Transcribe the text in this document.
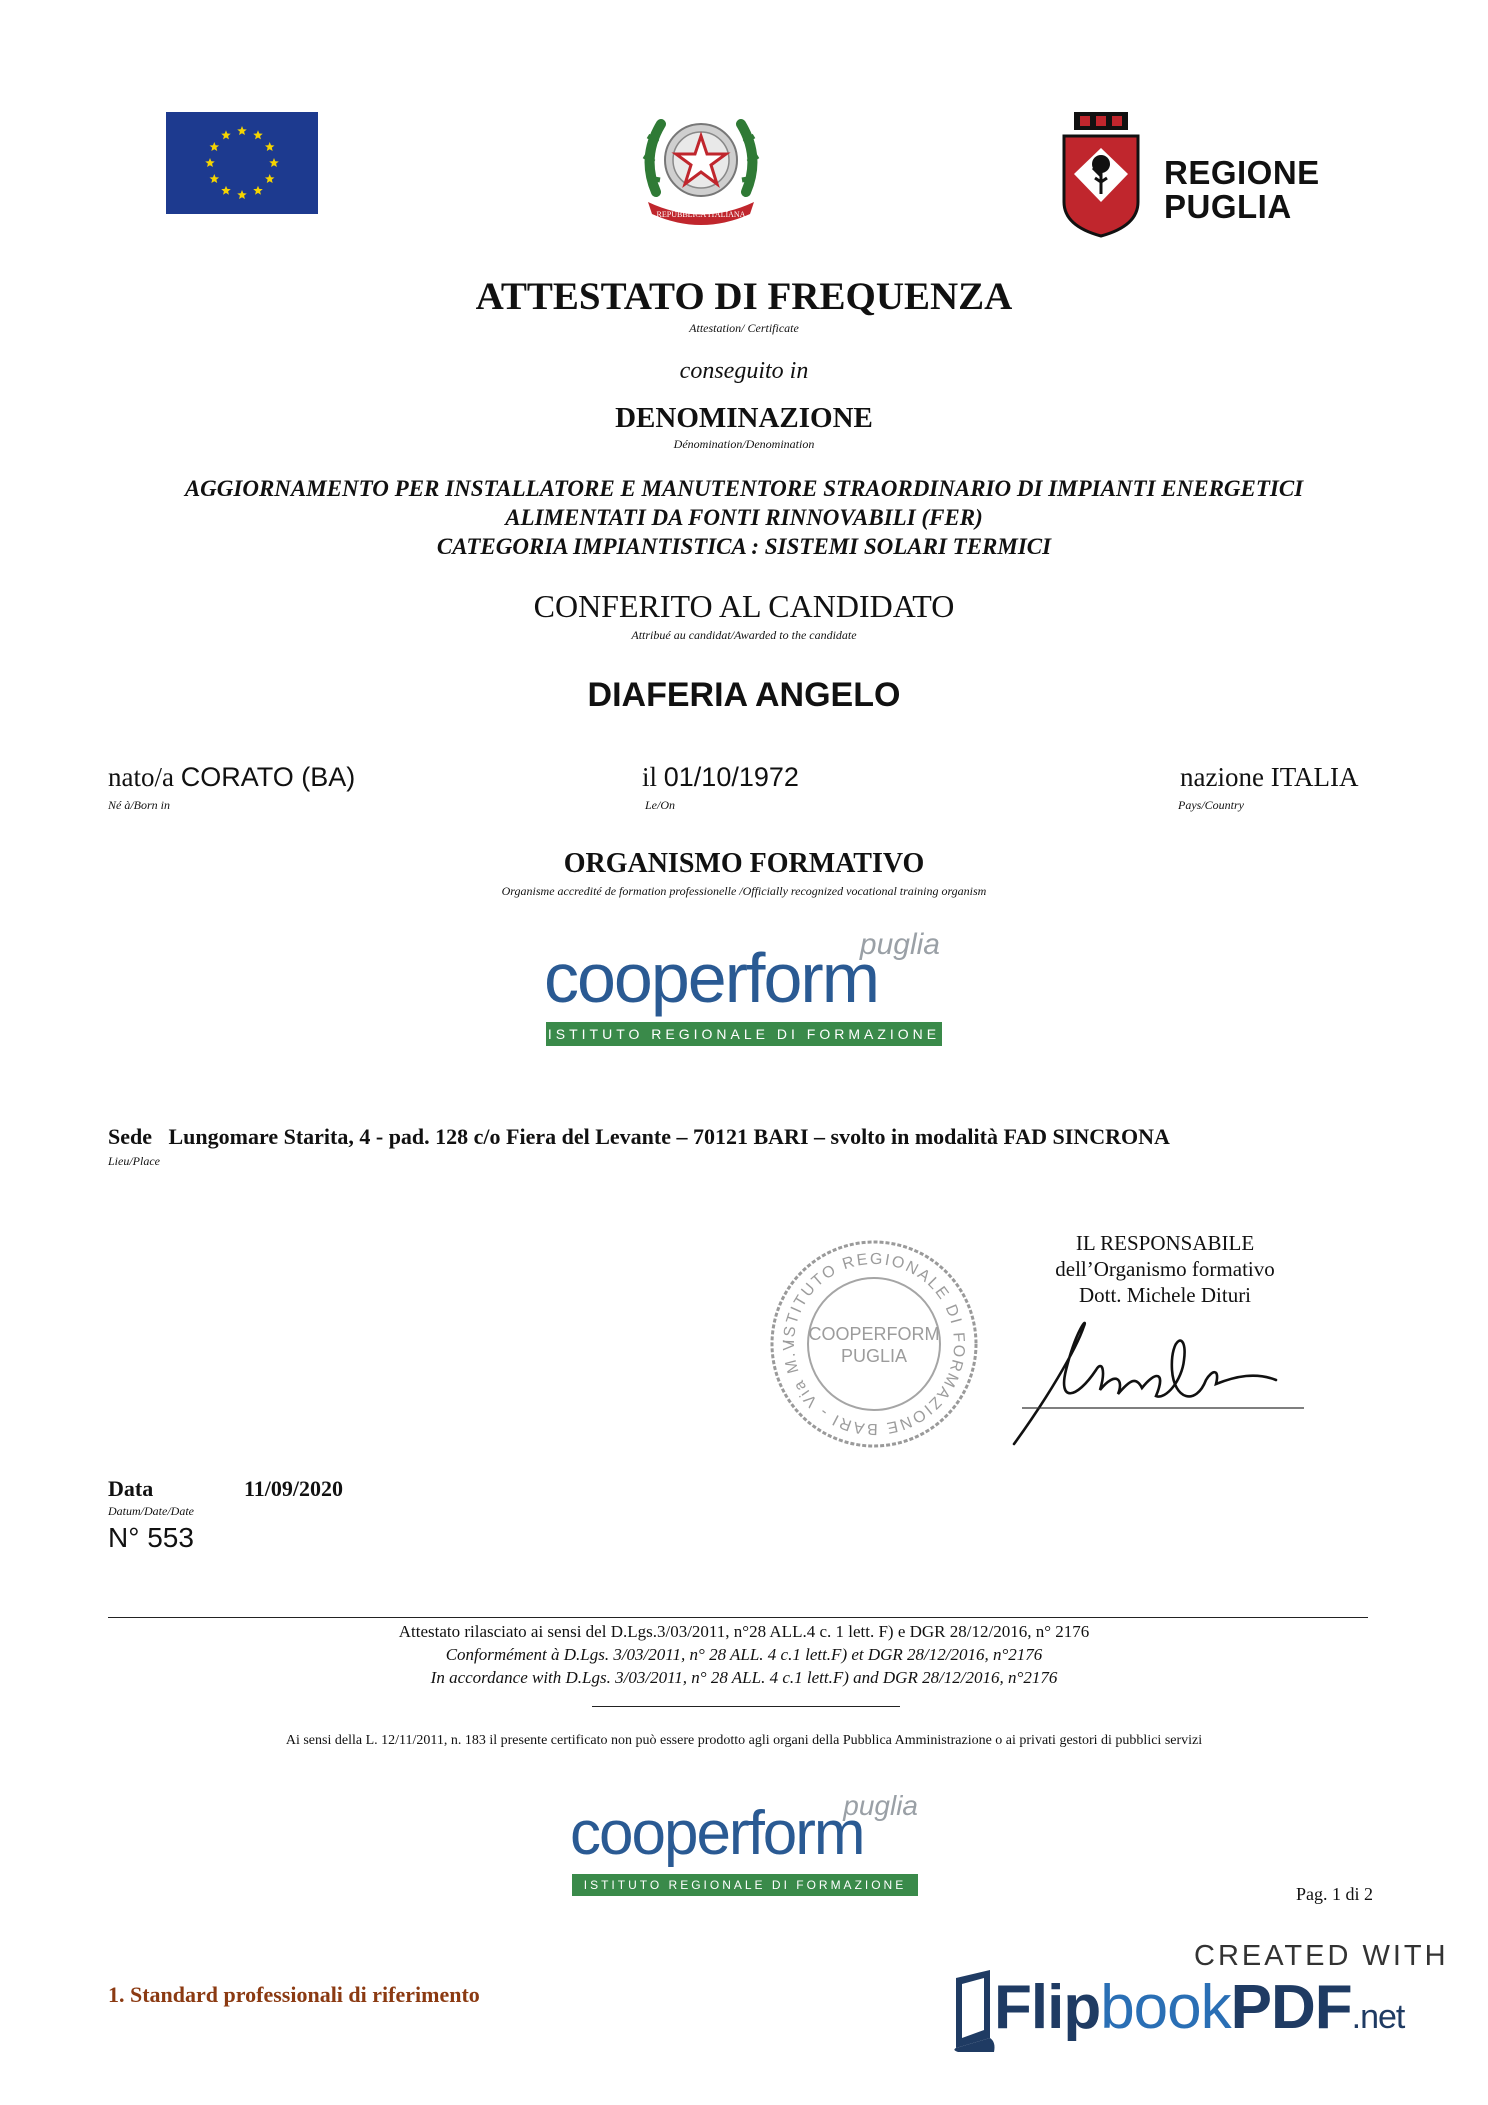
REPUBBLICA ITALIANA
REGIONE
PUGLIA
ATTESTATO DI FREQUENZA
Attestation/ Certificate
conseguito in
DENOMINAZIONE
Dénomination/Denomination
AGGIORNAMENTO PER INSTALLATORE E MANUTENTORE STRAORDINARIO DI IMPIANTI ENERGETICI
ALIMENTATI DA FONTI RINNOVABILI (FER)
CATEGORIA IMPIANTISTICA : SISTEMI SOLARI TERMICI
CONFERITO AL CANDIDATO
Attribué au candidat/Awarded to the candidate
DIAFERIA ANGELO
nato/a CORATO (BA)
Né à/Born in
il 01/10/1972
Le/On
nazione ITALIA
Pays/Country
ORGANISMO FORMATIVO
Organisme accredité de formation professionelle /Officially recognized vocational training organism
puglia
cooperform
ISTITUTO REGIONALE DI FORMAZIONE
Sede Lungomare Starita, 4 - pad. 128 c/o Fiera del Levante – 70121 BARI – svolto in modalità FAD SINCRONA
Lieu/Place
ISTITUTO REGIONALE DI FORMAZIONE BARI - Via M.V
COOPERFORM
PUGLIA
IL RESPONSABILE
dell’Organismo formativo
Dott. Michele Dituri
Data	11/09/2020
Datum/Date/Date
N° 553
Attestato rilasciato ai sensi del D.Lgs.3/03/2011, n°28 ALL.4 c. 1 lett. F) e DGR 28/12/2016, n° 2176
Conformément à D.Lgs. 3/03/2011, n° 28 ALL. 4 c.1 lett.F) et DGR 28/12/2016, n°2176
In accordance with D.Lgs. 3/03/2011, n° 28 ALL. 4 c.1 lett.F) and DGR 28/12/2016, n°2176
Ai sensi della L. 12/11/2011, n. 183 il presente certificato non può essere prodotto agli organi della Pubblica Amministrazione o ai privati gestori di pubblici servizi
puglia
cooperform
ISTITUTO REGIONALE DI FORMAZIONE	Pag. 1 di 2
1. Standard professionali di riferimento
CREATED WITH
FlipbookPDF.net
